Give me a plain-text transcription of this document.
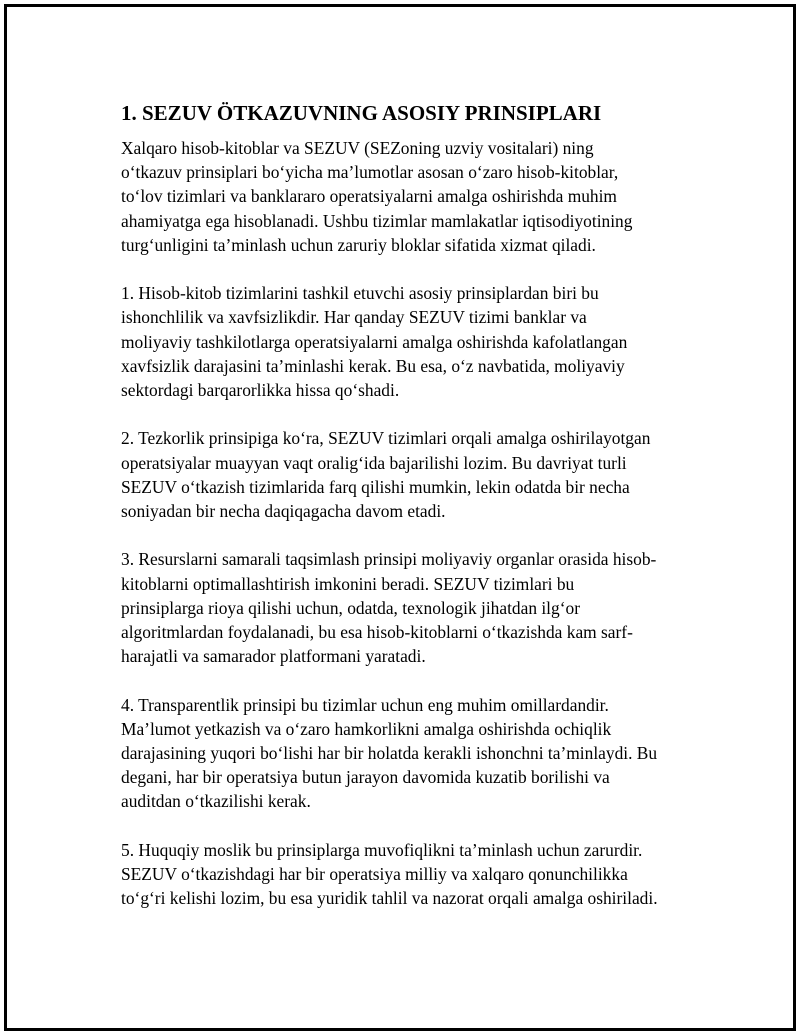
1. SEZUV ÖTKAZUVNING ASOSIY PRINSIPLARI
Xalqaro hisob-kitoblar va SEZUV (SEZoning uzviy vositalari) ning
o‘tkazuv prinsiplari bo‘yicha ma’lumotlar asosan o‘zaro hisob-kitoblar,
to‘lov tizimlari va banklararo operatsiyalarni amalga oshirishda muhim
ahamiyatga ega hisoblanadi. Ushbu tizimlar mamlakatlar iqtisodiyotining
turg‘unligini ta’minlash uchun zaruriy bloklar sifatida xizmat qiladi.
1. Hisob-kitob tizimlarini tashkil etuvchi asosiy prinsiplardan biri bu
ishonchlilik va xavfsizlikdir. Har qanday SEZUV tizimi banklar va
moliyaviy tashkilotlarga operatsiyalarni amalga oshirishda kafolatlangan
xavfsizlik darajasini ta’minlashi kerak. Bu esa, o‘z navbatida, moliyaviy
sektordagi barqarorlikka hissa qo‘shadi.
2. Tezkorlik prinsipiga ko‘ra, SEZUV tizimlari orqali amalga oshirilayotgan
operatsiyalar muayyan vaqt oralig‘ida bajarilishi lozim. Bu davriyat turli
SEZUV o‘tkazish tizimlarida farq qilishi mumkin, lekin odatda bir necha
soniyadan bir necha daqiqagacha davom etadi.
3. Resurslarni samarali taqsimlash prinsipi moliyaviy organlar orasida hisob-
kitoblarni optimallashtirish imkonini beradi. SEZUV tizimlari bu
prinsiplarga rioya qilishi uchun, odatda, texnologik jihatdan ilg‘or
algoritmlardan foydalanadi, bu esa hisob-kitoblarni o‘tkazishda kam sarf-
harajatli va samarador platformani yaratadi.
4. Transparentlik prinsipi bu tizimlar uchun eng muhim omillardandir.
Ma’lumot yetkazish va o‘zaro hamkorlikni amalga oshirishda ochiqlik
darajasining yuqori bo‘lishi har bir holatda kerakli ishonchni ta’minlaydi. Bu
degani, har bir operatsiya butun jarayon davomida kuzatib borilishi va
auditdan o‘tkazilishi kerak.
5. Huquqiy moslik bu prinsiplarga muvofiqlikni ta’minlash uchun zarurdir.
SEZUV o‘tkazishdagi har bir operatsiya milliy va xalqaro qonunchilikka
to‘g‘ri kelishi lozim, bu esa yuridik tahlil va nazorat orqali amalga oshiriladi.
